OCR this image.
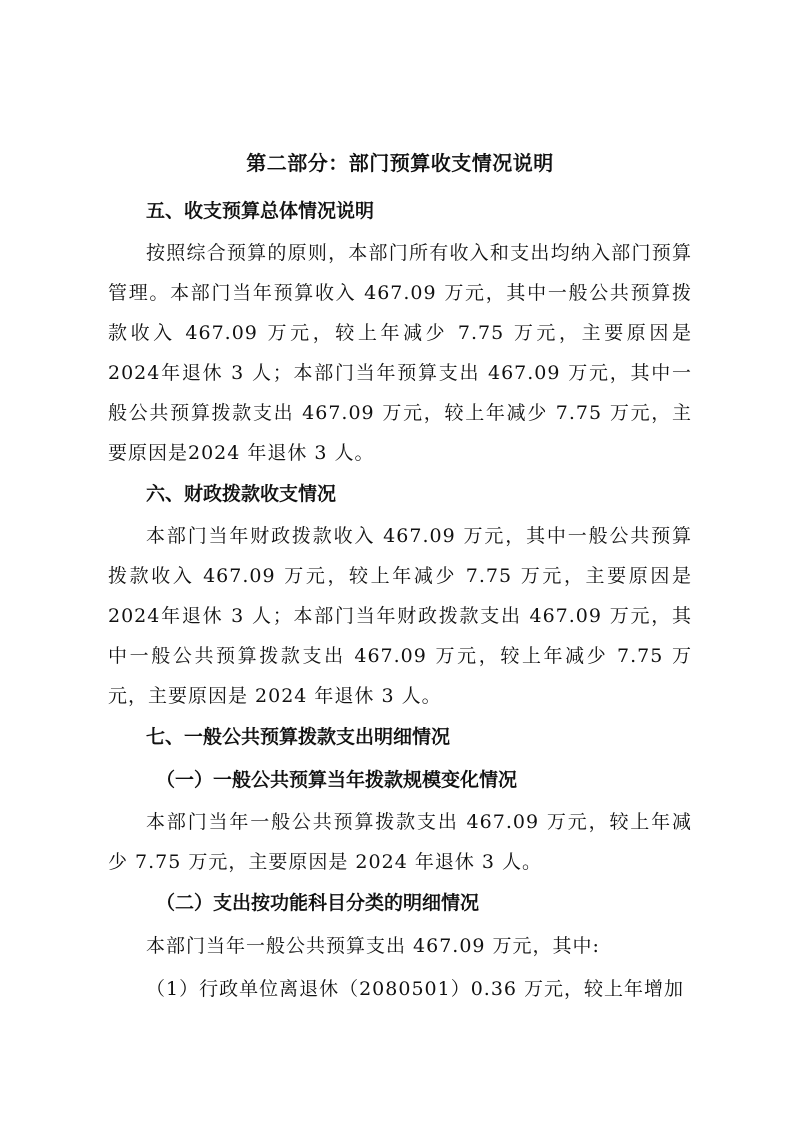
第二部分：部门预算收支情况说明
五、收支预算总体情况说明

按照综合预算的原则，本部门所有收入和支出均纳入部门预算管理。本部门当年预算收入 467.09 万元，其中一般公共预算拨款收入 467.09 万元，较上年减少 7.75 万元，主要原因是 2024年退休 3 人；本部门当年预算支出 467.09 万元，其中一般公共预算拨款支出 467.09 万元，较上年减少 7.75 万元，主要原因是2024 年退休 3 人。

六、财政拨款收支情况

本部门当年财政拨款收入 467.09 万元，其中一般公共预算拨款收入 467.09 万元，较上年减少 7.75 万元，主要原因是 2024年退休 3 人；本部门当年财政拨款支出 467.09 万元，其中一般公共预算拨款支出 467.09 万元，较上年减少 7.75 万元，主要原因是 2024 年退休 3 人。

七、一般公共预算拨款支出明细情况
（一）一般公共预算当年拨款规模变化情况

本部门当年一般公共预算拨款支出 467.09 万元，较上年减少 7.75 万元，主要原因是 2024 年退休 3 人。

（二）支出按功能科目分类的明细情况

本部门当年一般公共预算支出 467.09 万元，其中:

（1）行政单位离退休（2080501）0.36 万元，较上年增加
